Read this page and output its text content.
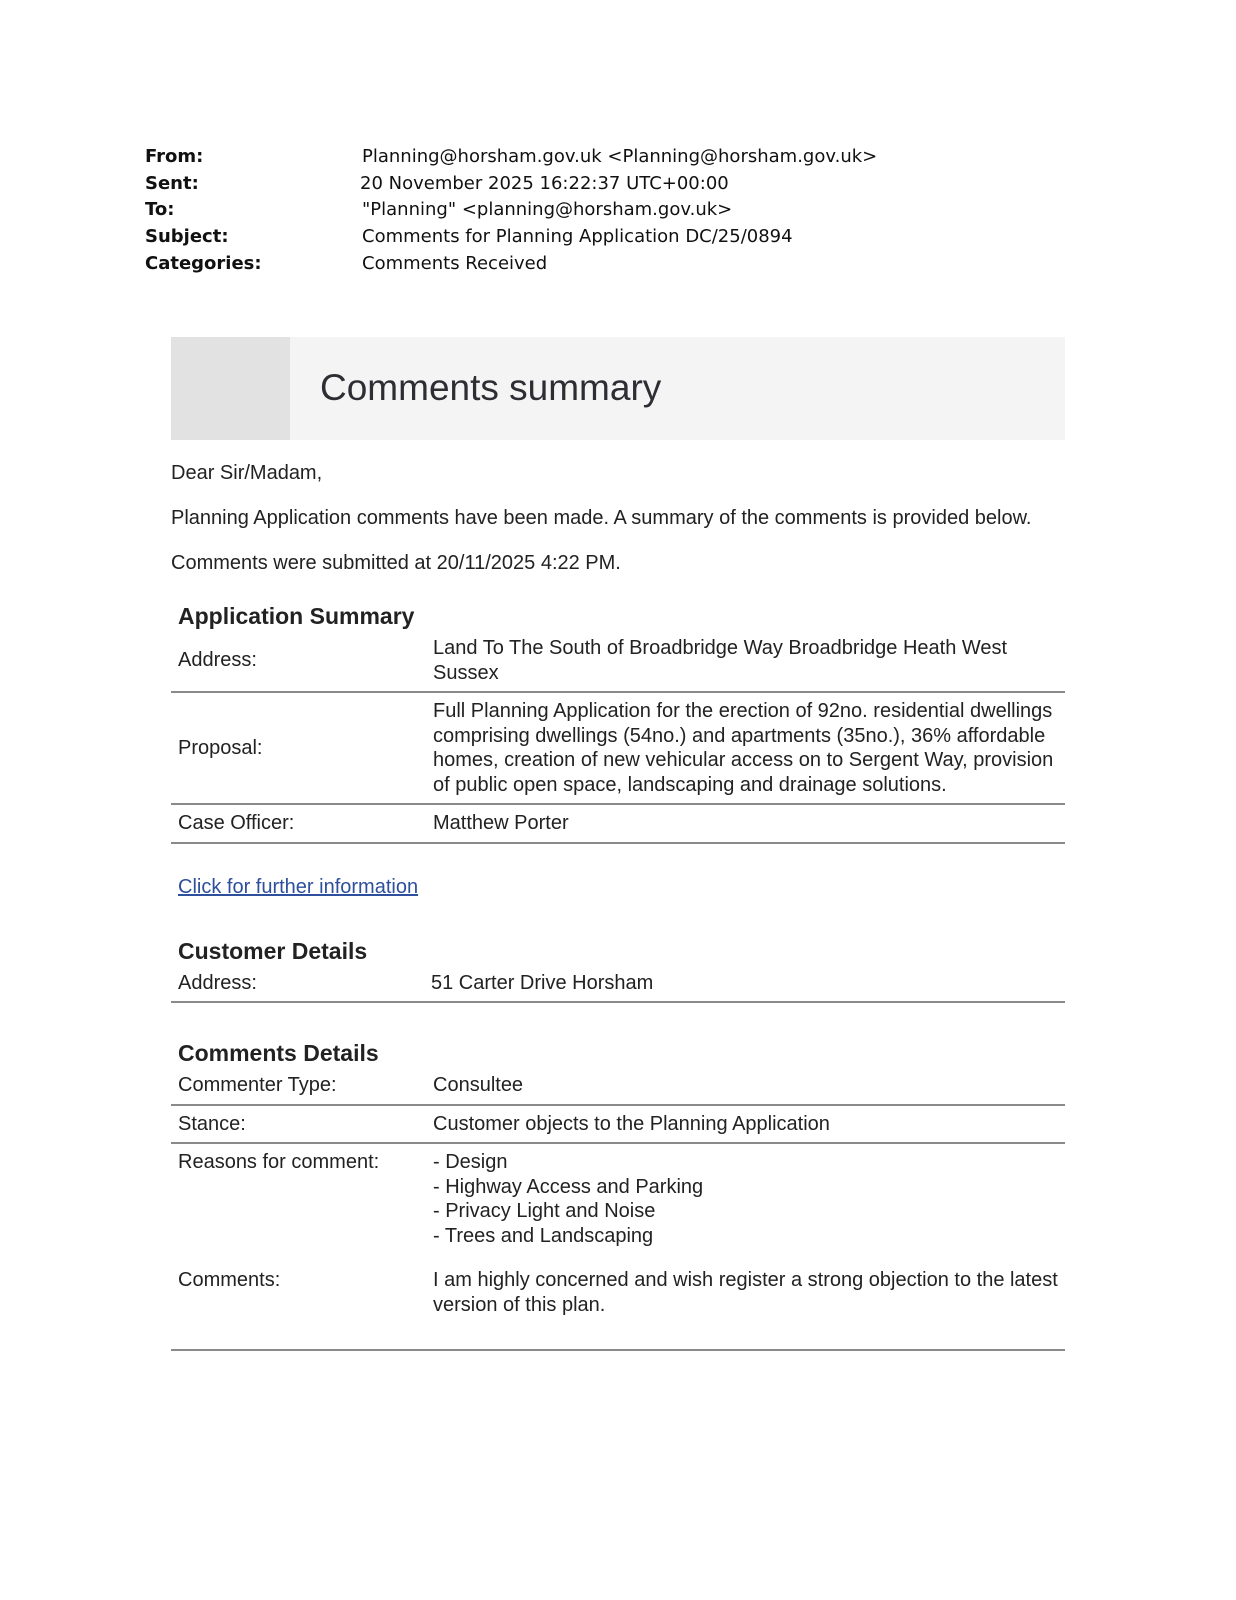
From:	Planning@horsham.gov.uk <Planning@horsham.gov.uk>
Sent:	20 November 2025 16:22:37 UTC+00:00
To:	"Planning" <planning@horsham.gov.uk>
Subject:	Comments for Planning Application DC/25/0894
Categories:	Comments Received
Comments summary

Dear Sir/Madam,

Planning Application comments have been made. A summary of the comments is provided below.

Comments were submitted at 20/11/2025 4:22 PM.

Application Summary
Address:	Land To The South of Broadbridge Way Broadbridge Heath West Sussex
Proposal:	Full Planning Application for the erection of 92no. residential dwellings comprising dwellings (54no.) and apartments (35no.), 36% affordable homes, creation of new vehicular access on to Sergent Way, provision of public open space, landscaping and drainage solutions.
Case Officer:	Matthew Porter
Click for further information
Customer Details
Address:	51 Carter Drive Horsham
Comments Details
Commenter Type:	Consultee
Stance:	Customer objects to the Planning Application
Reasons for comment:	- Design
- Highway Access and Parking
- Privacy Light and Noise
- Trees and Landscaping

Comments:	I am highly concerned and wish register a strong objection to the latest version of this plan.
